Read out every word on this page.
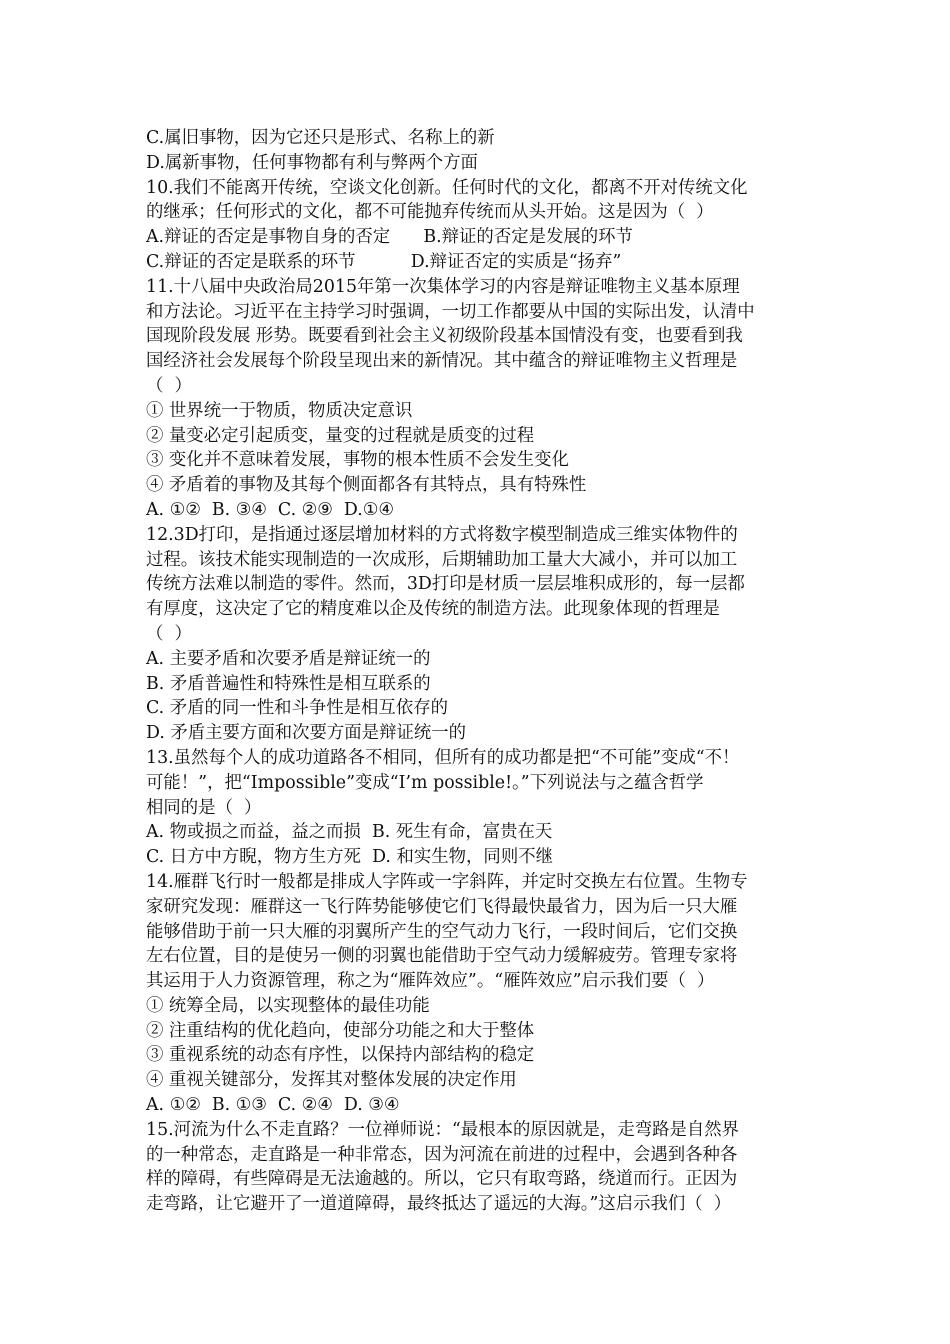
C.属旧事物，因为它还只是形式、名称上的新
D.属新事物，任何事物都有利与弊两个方面
10.我们不能离开传统，空谈文化创新。任何时代的文化，都离不开对传统文化
的继承；任何形式的文化，都不可能抛弃传统而从头开始。这是因为（  ）
A.辩证的否定是事物自身的否定      B.辩证的否定是发展的环节
C.辩证的否定是联系的环节          D.辩证否定的实质是“扬弃”
11.十八届中央政治局2015年第一次集体学习的内容是辩证唯物主义基本原理
和方法论。习近平在主持学习时强调，一切工作都要从中国的实际出发，认清中
国现阶段发展 形势。既要看到社会主义初级阶段基本国情没有变，也要看到我
国经济社会发展每个阶段呈现出来的新情况。其中蕴含的辩证唯物主义哲理是
（  ）
① 世界统一于物质，物质决定意识
② 量变必定引起质变，量变的过程就是质变的过程
③ 变化并不意味着发展，事物的根本性质不会发生变化
④ 矛盾着的事物及其每个侧面都各有其特点，具有特殊性
A. ①②  B. ③④  C. ②⑨  D.①④
12.3D打印，是指通过逐层增加材料的方式将数字模型制造成三维实体物件的
过程。该技术能实现制造的一次成形，后期辅助加工量大大减小，并可以加工
传统方法难以制造的零件。然而，3D打印是材质一层层堆积成形的，每一层都
有厚度，这决定了它的精度难以企及传统的制造方法。此现象体现的哲理是
（  ）
A. 主要矛盾和次要矛盾是辩证统一的
B. 矛盾普遍性和特殊性是相互联系的
C. 矛盾的同一性和斗争性是相互依存的
D. 矛盾主要方面和次要方面是辩证统一的
13.虽然每个人的成功道路各不相同，但所有的成功都是把“不可能”变成“不！
可能！”，把“Impossible”变成“I’m possible!。”下列说法与之蕴含哲学
相同的是（  ）
A. 物或损之而益，益之而损  B. 死生有命，富贵在天
C. 日方中方睨，物方生方死  D. 和实生物，同则不继
14.雁群飞行时一般都是排成人字阵或一字斜阵，并定时交换左右位置。生物专
家研究发现：雁群这一飞行阵势能够使它们飞得最快最省力，因为后一只大雁
能够借助于前一只大雁的羽翼所产生的空气动力飞行，一段时间后，它们交换
左右位置，目的是使另一侧的羽翼也能借助于空气动力缓解疲劳。管理专家将
其运用于人力资源管理，称之为“雁阵效应”。“雁阵效应”启示我们要（  ）
① 统筹全局，以实现整体的最佳功能
② 注重结构的优化趋向，使部分功能之和大于整体
③ 重视系统的动态有序性，以保持内部结构的稳定
④ 重视关键部分，发挥其对整体发展的决定作用
A. ①②  B. ①③  C. ②④  D. ③④
15.河流为什么不走直路？一位禅师说：“最根本的原因就是，走弯路是自然界
的一种常态，走直路是一种非常态，因为河流在前进的过程中，会遇到各种各
样的障碍，有些障碍是无法逾越的。所以，它只有取弯路，绕道而行。正因为
走弯路，让它避开了一道道障碍，最终抵达了遥远的大海。”这启示我们（  ）
